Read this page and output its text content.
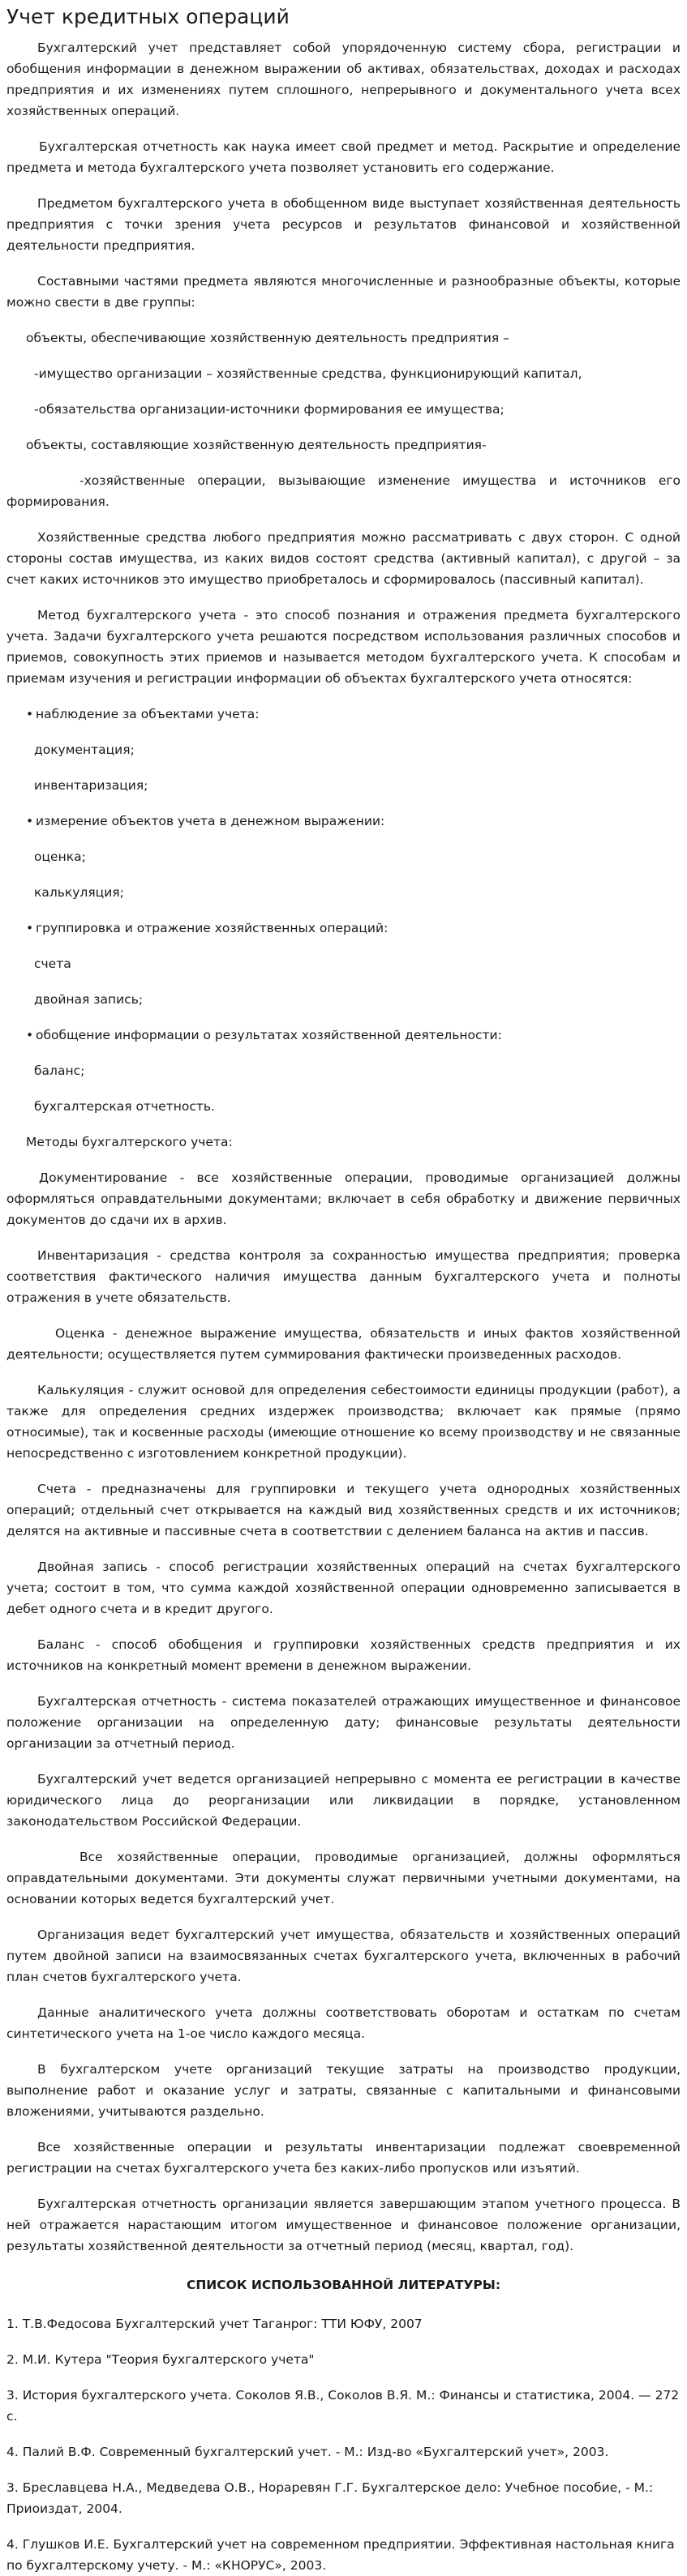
Учет кредитных операций

Бухгалтерский учет представляет собой упорядоченную систему сбора, регистрации и обобщения информации в денежном выражении об активах, обязательствах, доходах и расходах предприятия и их изменениях путем сплошного, непрерывного и документального учета всех хозяйственных операций.

Бухгалтерская отчетность как наука имеет свой предмет и метод. Раскрытие и определение предмета и метода бухгалтерского учета позволяет установить его содержание.

Предметом бухгалтерского учета в обобщенном виде выступает хозяйственная деятельность предприятия с точки зрения учета ресурсов и результатов финансовой и хозяйственной деятельности предприятия.

Составными частями предмета являются многочисленные и разнообразные объекты, которые можно свести в две группы:

объекты, обеспечивающие хозяйственную деятельность предприятия –

-имущество организации – хозяйственные средства, функционирующий капитал,

-обязательства организации-источники формирования ее имущества;

объекты, составляющие хозяйственную деятельность предприятия-

-хозяйственные операции, вызывающие изменение имущества и источников его формирования.

Хозяйственные средства любого предприятия можно рассматривать с двух сторон. С одной стороны состав имущества, из каких видов состоят средства (активный капитал), с другой – за счет каких источников это имущество приобреталось и сформировалось (пассивный капитал).

Метод бухгалтерского учета - это способ познания и отражения предмета бухгалтерского учета. Задачи бухгалтерского учета решаются посредством использования различных способов и приемов, совокупность этих приемов и называется методом бухгалтерского учета. К способам и приемам изучения и регистрации информации об объектах бухгалтерского учета относятся:

• наблюдение за объектами учета:

документация;

инвентаризация;

• измерение объектов учета в денежном выражении:

оценка;

калькуляция;

• группировка и отражение хозяйственных операций:

счета

двойная запись;

• обобщение информации о результатах хозяйственной деятельности:

баланс;

бухгалтерская отчетность.

Методы бухгалтерского учета:

Документирование - все хозяйственные операции, проводимые организацией должны оформляться оправдательными документами; включает в себя обработку и движение первичных документов до сдачи их в архив.

Инвентаризация - средства контроля за сохранностью имущества предприятия; проверка соответствия фактического наличия имущества данным бухгалтерского учета и полноты отражения в учете обязательств.

Оценка - денежное выражение имущества, обязательств и иных фактов хозяйственной деятельности; осуществляется путем суммирования фактически произведенных расходов.

Калькуляция - служит основой для определения себестоимости единицы продукции (работ), а также для определения средних издержек производства; включает как прямые (прямо относимые), так и косвенные расходы (имеющие отношение ко всему производству и не связанные непосредственно с изготовлением конкретной продукции).

Счета - предназначены для группировки и текущего учета однородных хозяйственных операций; отдельный счет открывается на каждый вид хозяйственных средств и их источников; делятся на активные и пассивные счета в соответствии с делением баланса на актив и пассив.

Двойная запись - способ регистрации хозяйственных операций на счетах бухгалтерского учета; состоит в том, что сумма каждой хозяйственной операции одновременно записывается в дебет одного счета и в кредит другого.

Баланс - способ обобщения и группировки хозяйственных средств предприятия и их источников на конкретный момент времени в денежном выражении.

Бухгалтерская отчетность - система показателей отражающих имущественное и финансовое положение организации на определенную дату; финансовые результаты деятельности организации за отчетный период.

Бухгалтерский учет ведется организацией непрерывно с момента ее регистрации в качестве юридического лица до реорганизации или ликвидации в порядке, установленном законодательством Российской Федерации.

Все хозяйственные операции, проводимые организацией, должны оформляться оправдательными документами. Эти документы служат первичными учетными документами, на основании которых ведется бухгалтерский учет.

Организация ведет бухгалтерский учет имущества, обязательств и хозяйственных операций путем двойной записи на взаимосвязанных счетах бухгалтерского учета, включенных в рабочий план счетов бухгалтерского учета.

Данные аналитического учета должны соответствовать оборотам и остаткам по счетам синтетического учета на 1-ое число каждого месяца.

В бухгалтерском учете организаций текущие затраты на производство продукции, выполнение работ и оказание услуг и затраты, связанные с капитальными и финансовыми вложениями, учитываются раздельно.

Все хозяйственные операции и результаты инвентаризации подлежат своевременной регистрации на счетах бухгалтерского учета без каких-либо пропусков или изъятий.

Бухгалтерская отчетность организации является завершающим этапом учетного процесса. В ней отражается нарастающим итогом имущественное и финансовое положение организации, результаты хозяйственной деятельности за отчетный период (месяц, квартал, год).

СПИСОК ИСПОЛЬЗОВАННОЙ ЛИТЕРАТУРЫ:

1. Т.В.Федосова Бухгалтерский учет Таганрог: ТТИ ЮФУ, 2007

2. М.И. Кутера "Теория бухгалтерского учета"

3. История бухгалтерского учета. Соколов Я.В., Соколов В.Я. М.: Финансы и статистика, 2004. — 272 с.

4. Палий В.Ф. Современный бухгалтерский учет. - М.: Изд-во «Бухгалтерский учет», 2003.

3. Бреславцева Н.А., Медведева О.В., Нораревян Г.Г. Бухгалтерское дело: Учебное пособие, - М.: Приоиздат, 2004.

4. Глушков И.Е. Бухгалтерский учет на современном предприятии. Эффективная настольная книга по бухгалтерскому учету. - М.: «КНОРУС», 2003.
